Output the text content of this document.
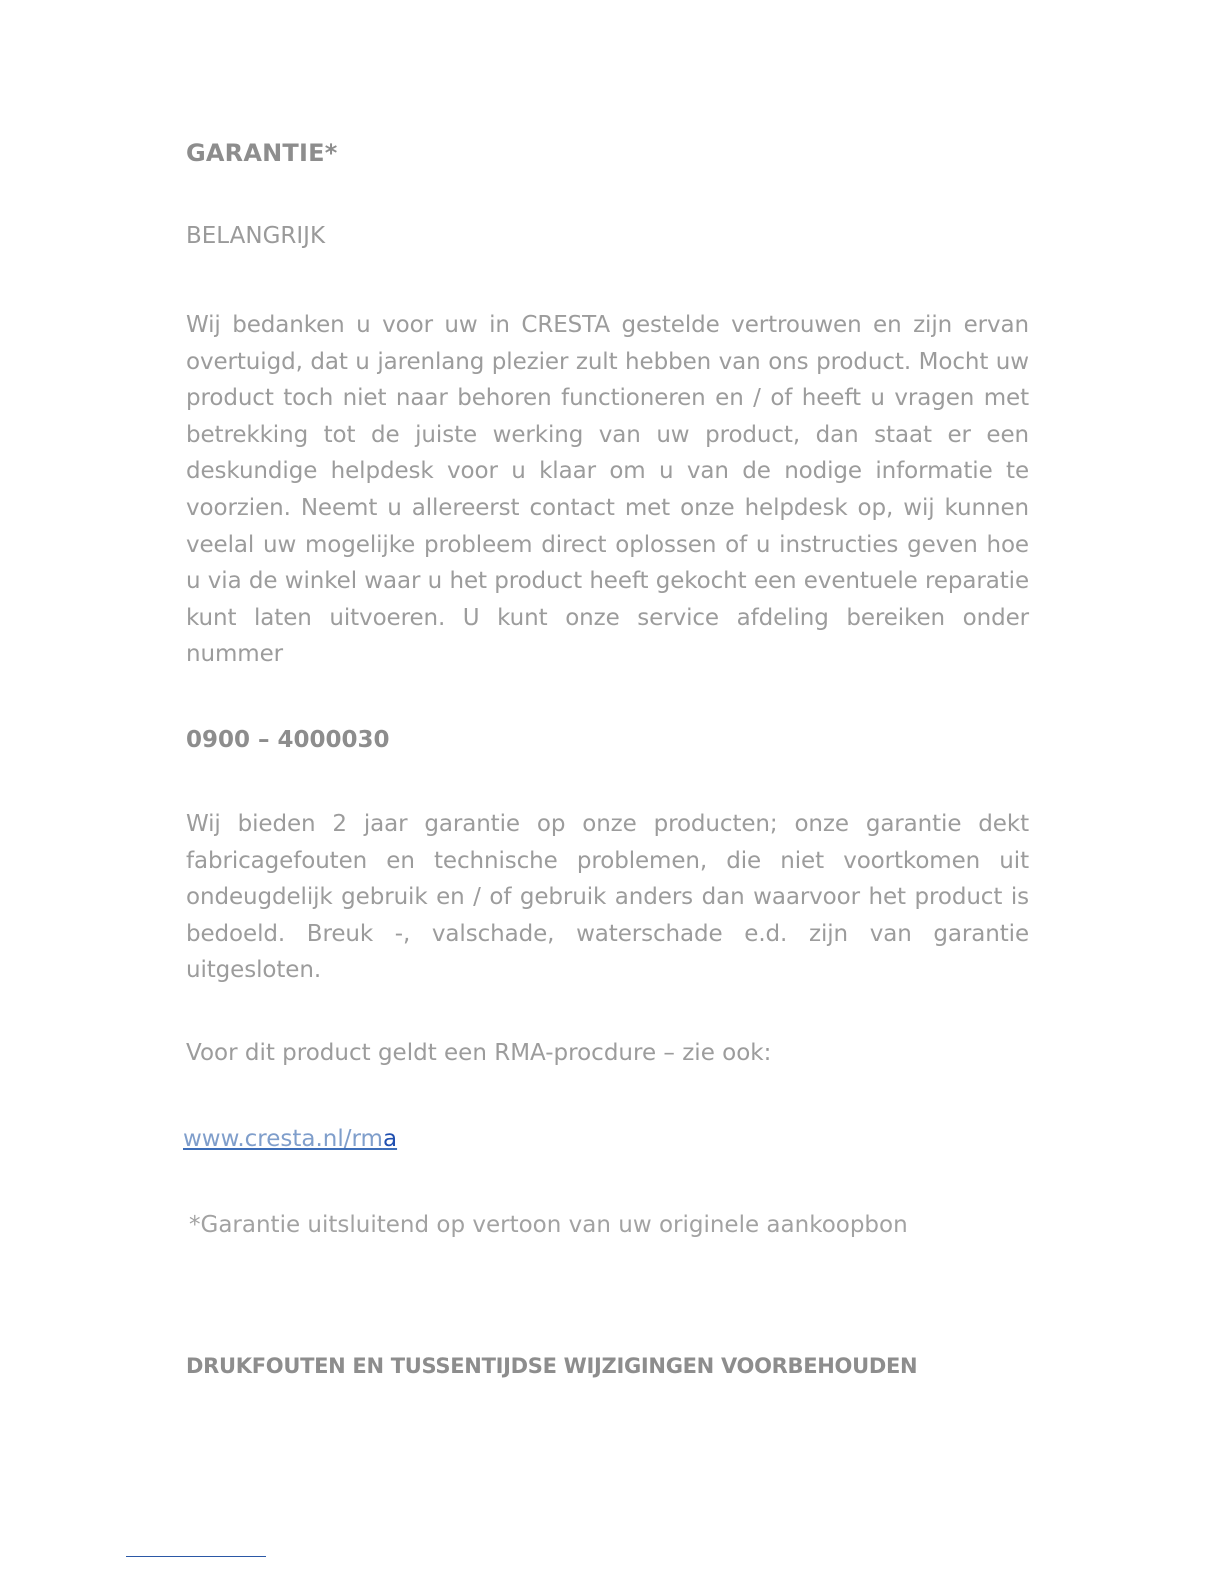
GARANTIE*
BELANGRIJK
Wij bedanken u voor uw in CRESTA gestelde vertrouwen en zijn ervan overtuigd, dat u jarenlang plezier zult hebben van ons product. Mocht uw product toch niet naar behoren functioneren en / of heeft u vragen met betrekking tot de juiste werking van uw product, dan staat er een deskundige helpdesk voor u klaar om u van de nodige informatie te voorzien. Neemt u allereerst contact met onze helpdesk op, wij kunnen veelal uw mogelijke probleem direct oplossen of u instructies geven hoe u via de winkel waar u het product heeft gekocht een eventuele reparatie kunt laten uitvoeren. U kunt onze service afdeling bereiken onder nummer
0900 – 4000030
Wij bieden 2 jaar garantie op onze producten; onze garantie dekt fabricagefouten en technische problemen, die niet voortkomen uit ondeugdelijk gebruik en / of gebruik anders dan waarvoor het product is bedoeld. Breuk -, valschade, waterschade e.d. zijn van garantie uitgesloten.
Voor dit product geldt een RMA-procdure – zie ook:
www.cresta.nl/rma
*Garantie uitsluitend op vertoon van uw originele aankoopbon
DRUKFOUTEN EN TUSSENTIJDSE WIJZIGINGEN VOORBEHOUDEN
